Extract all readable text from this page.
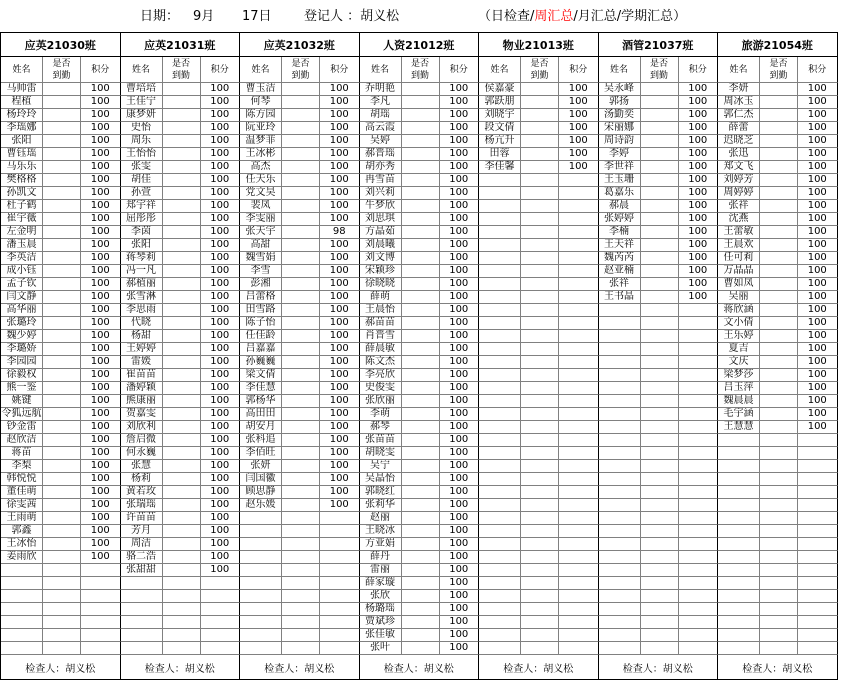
日期： 9月 17日 登记人 ：胡义松	（日检查/周汇总/月汇总/学期汇总）
应英21030班
姓名
是否到勤
积分
马帅雷	100
程植	100
杨玲玲	100
李瑶娜	100
张阳	100
曹钰瑶	100
马乐乐	100
樊格格	100
孙凯文	100
杜子鹤	100
崔宇薇	100
左金明	100
潘玉晨	100
李英洁	100
成小钰	100
孟子钦	100
闫文静	100
高华丽	100
张璐玲	100
魏少婷	100
李璐娇	100
李园园	100
徐毅权	100
熊一鉴	100
姚键	100
令狐远航	100
钞金雷	100
赵欣洁	100
蒋苗	100
李梨	100
韩悦悦	100
董佳萌	100
徐雯茜	100
王雨萌	100
郭鑫	100
王冰怡	100
姜雨欣	100
检查人：胡义松
应英21031班
姓名
是否到勤
积分
曹培培	100
王佳宁	100
康梦妍	100
史怡	100
周乐	100
王怡怡	100
张雯	100
胡佳	100
孙萱	100
郑宇祥	100
屈彤彤	100
李茵	100
张阳	100
蒋琴莉	100
冯一凡	100
郝植丽	100
张雪淋	100
李思雨	100
代晓	100
杨甜	100
王婷婷	100
雷媛	100
崔苗苗	100
潘婷颖	100
熊康丽	100
贺嘉雯	100
刘欣利	100
詹启微	100
何永巍	100
张慧	100
杨莉	100
黄若玫	100
张瑞瑶	100
许苗苗	100
芳月	100
周洁	100
骆二浩	100
张甜甜	100
检查人：胡义松
应英21032班
姓名
是否到勤
积分
曹玉洁	100
何琴	100
陈方园	100
阮亚玲	100
温梦菲	100
王冰彬	100
高杰	100
任天乐	100
党文昊	100
裴凤	100
李雯丽	100
张天宇	98
高甜	100
魏雪娟	100
李雪	100
彭湘	100
吕蕾格	100
田雪路	100
陈子怡	100
任佳龄	100
吕嘉嘉	100
孙巍巍	100
梁文倩	100
李佳慧	100
郭杨华	100
高田田	100
胡安月	100
张科追	100
李佰旺	100
张妍	100
闫国徽	100
顾思静	100
赵乐媛	100
检查人：胡义松
人资21012班
姓名
是否到勤
积分
乔明艳	100
李凡	100
胡瑶	100
高云霞	100
吴婷	100
郝晋瑶	100
胡亦秀	100
冉雪苗	100
刘兴莉	100
牛梦欣	100
刘思琪	100
方晶茹	100
刘晨曦	100
刘文博	100
宋颖珍	100
徐晓晓	100
薛萌	100
王晨怡	100
郝苗苗	100
肖晋雪	100
薛晨敏	100
陈文杰	100
李亮欣	100
史俊雯	100
张欣丽	100
李萌	100
郝琴	100
张苗苗	100
胡晓雯	100
吴宁	100
吴晶怡	100
郭晓红	100
张莉华	100
赵丽	100
王晓冰	100
方亚娟	100
薛丹	100
雷丽	100
薛家璇	100
张欣	100
杨璐瑶	100
贾斌珍	100
张佳敏	100
张叶	100
检查人：胡义松
物业21013班
姓名
是否到勤
积分
侯嘉豪	100
郭跃朋	100
刘晓宇	100
段文倩	100
杨亢升	100
田蓉	100
李佳馨	100
检查人：胡义松
酒管21037班
姓名
是否到勤
积分
吴永峰	100
郭扬	100
汤勤奕	100
宋丽娜	100
周诗韵	100
李婷	100
李世祥	100
王玉珊	100
葛嘉乐	100
郝晨	100
张婷婷	100
李楠	100
王天祥	100
魏芮芮	100
赵亚楠	100
张祥	100
王书晶	100
检查人：胡义松
旅游21054班
姓名
是否到勤
积分
李妍	100
周冰玉	100
郭仁杰	100
薛蕾	100
迟晓芝	100
张迅	100
郑文飞	100
刘婷芳	100
周婷婷	100
张祥	100
沈燕	100
王蕾敏	100
王晨欢	100
任可莉	100
万晶晶	100
曹如凤	100
吴丽	100
蒋欣涵	100
文小倩	100
王乐婷	100
夏吉	100
文庆	100
梁梦莎	100
吕玉萍	100
魏晨晨	100
毛宇涵	100
王慧慧	100
检查人：胡义松
